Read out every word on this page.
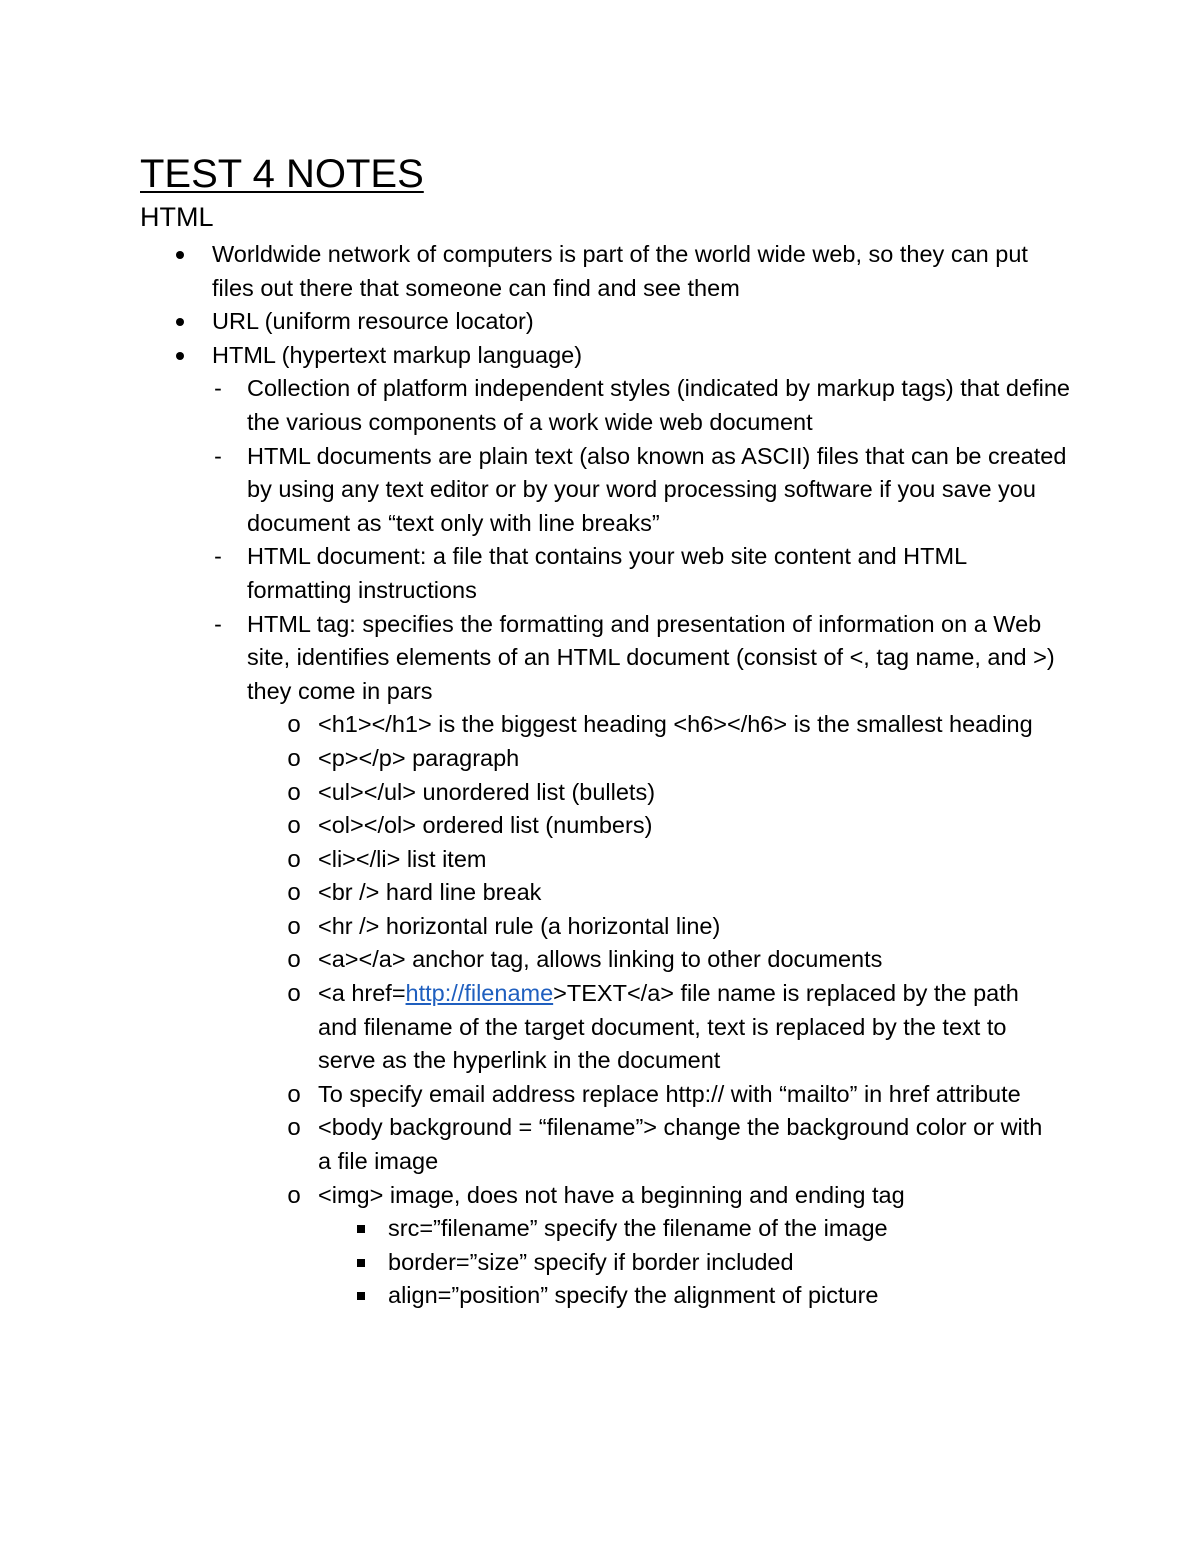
TEST 4 NOTES
HTML
Worldwide network of computers is part of the world wide web, so they can put files out there that someone can find and see them
URL (uniform resource locator)
HTML (hypertext markup language)
- Collection of platform independent styles (indicated by markup tags) that define the various components of a work wide web document
- HTML documents are plain text (also known as ASCII) files that can be created by using any text editor or by your word processing software if you save you document as “text only with line breaks”
- HTML document: a file that contains your web site content and HTML formatting instructions
- HTML tag: specifies the formatting and presentation of information on a Web site, identifies elements of an HTML document (consist of <, tag name, and >) they come in pars
o <h1></h1> is the biggest heading <h6></h6> is the smallest heading
o <p></p> paragraph
o <ul></ul> unordered list (bullets)
o <ol></ol> ordered list (numbers)
o <li></li> list item
o <br /> hard line break
o <hr /> horizontal rule (a horizontal line)
o <a></a> anchor tag, allows linking to other documents
o <a href=http://filename>TEXT</a> file name is replaced by the path and filename of the target document, text is replaced by the text to serve as the hyperlink in the document
o To specify email address replace http:// with “mailto” in href attribute
o <body background = “filename”> change the background color or with a file image
o <img> image, does not have a beginning and ending tag
src=”filename” specify the filename of the image
border=”size” specify if border included
align=”position” specify the alignment of picture
